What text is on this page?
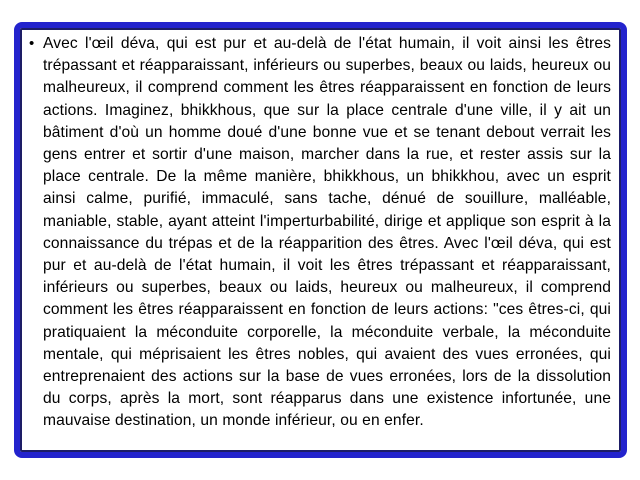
• Avec l'œil déva, qui est pur et au-delà de l'état humain, il voit ainsi les êtres trépassant et réapparaissant, inférieurs ou superbes, beaux ou laids, heureux ou malheureux, il comprend comment les êtres réapparaissent en fonction de leurs actions. Imaginez, bhikkhous, que sur la place centrale d'une ville, il y ait un bâtiment d'où un homme doué d'une bonne vue et se tenant debout verrait les gens entrer et sortir d'une maison, marcher dans la rue, et rester assis sur la place centrale. De la même manière, bhikkhous, un bhikkhou, avec un esprit ainsi calme, purifié, immaculé, sans tache, dénué de souillure, malléable, maniable, stable, ayant atteint l'imperturbabilité, dirige et applique son esprit à la connaissance du trépas et de la réapparition des êtres. Avec l'œil déva, qui est pur et au-delà de l'état humain, il voit les êtres trépassant et réapparaissant, inférieurs ou superbes, beaux ou laids, heureux ou malheureux, il comprend comment les êtres réapparaissent en fonction de leurs actions: "ces êtres-ci, qui pratiquaient la méconduite corporelle, la méconduite verbale, la méconduite mentale, qui méprisaient les êtres nobles, qui avaient des vues erronées, qui entreprenaient des actions sur la base de vues erronées, lors de la dissolution du corps, après la mort, sont réapparus dans une existence infortunée, une mauvaise destination, un monde inférieur, ou en enfer.
